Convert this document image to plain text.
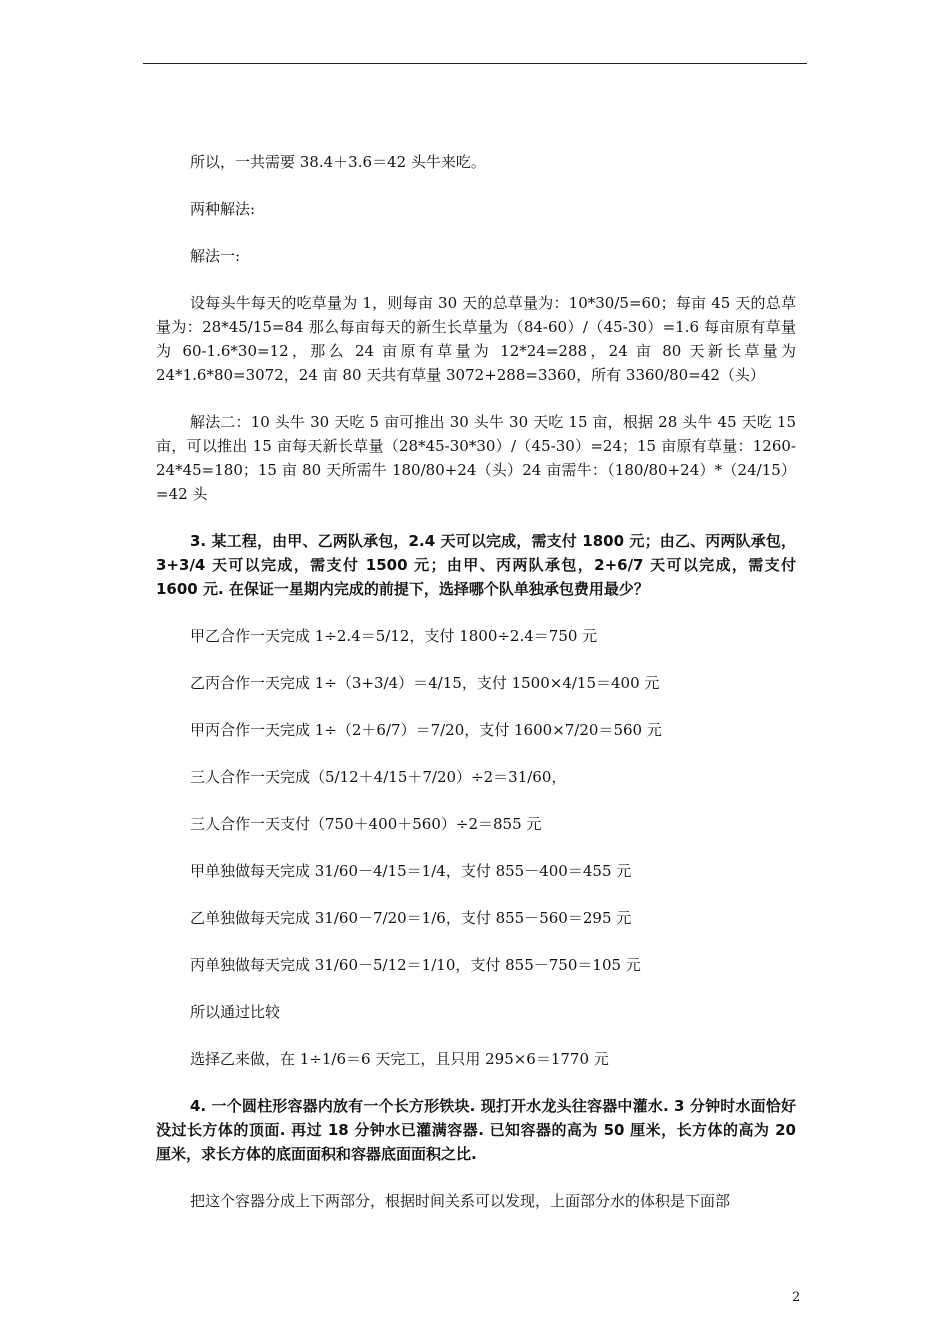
所以，一共需要 38.4＋3.6＝42 头牛来吃。

两种解法:

解法一:

设每头牛每天的吃草量为 1，则每亩 30 天的总草量为：10*30/5=60；每亩 45 天的总草量为：28*45/15=84 那么每亩每天的新生长草量为（84-60）/（45-30）=1.6 每亩原有草量为 60-1.6*30=12，那么 24 亩原有草量为 12*24=288，24 亩 80 天新长草量为 24*1.6*80=3072，24 亩 80 天共有草量 3072+288=3360，所有 3360/80=42（头）

解法二：10 头牛 30 天吃 5 亩可推出 30 头牛 30 天吃 15 亩，根据 28 头牛 45 天吃 15 亩，可以推出 15 亩每天新长草量（28*45-30*30）/（45-30）=24；15 亩原有草量：1260-24*45=180；15 亩 80 天所需牛 180/80+24（头）24 亩需牛：（180/80+24）*（24/15）=42 头

3. 某工程，由甲、乙两队承包，2.4 天可以完成，需支付 1800 元；由乙、丙两队承包，3+3/4 天可以完成，需支付 1500 元；由甲、丙两队承包，2+6/7 天可以完成，需支付 1600 元. 在保证一星期内完成的前提下，选择哪个队单独承包费用最少？

甲乙合作一天完成 1÷2.4＝5/12，支付 1800÷2.4＝750 元
乙丙合作一天完成 1÷（3+3/4）＝4/15，支付 1500×4/15＝400 元
甲丙合作一天完成 1÷（2＋6/7）＝7/20，支付 1600×7/20＝560 元
三人合作一天完成（5/12＋4/15＋7/20）÷2＝31/60，
三人合作一天支付（750＋400＋560）÷2＝855 元
甲单独做每天完成 31/60－4/15＝1/4，支付 855－400＝455 元
乙单独做每天完成 31/60－7/20＝1/6，支付 855－560＝295 元
丙单独做每天完成 31/60－5/12＝1/10，支付 855－750＝105 元
所以通过比较
选择乙来做，在 1÷1/6＝6 天完工，且只用 295×6＝1770 元

4. 一个圆柱形容器内放有一个长方形铁块. 现打开水龙头往容器中灌水. 3 分钟时水面恰好没过长方体的顶面. 再过 18 分钟水已灌满容器. 已知容器的高为 50 厘米，长方体的高为 20 厘米，求长方体的底面面积和容器底面面积之比.

把这个容器分成上下两部分，根据时间关系可以发现，上面部分水的体积是下面部

2
